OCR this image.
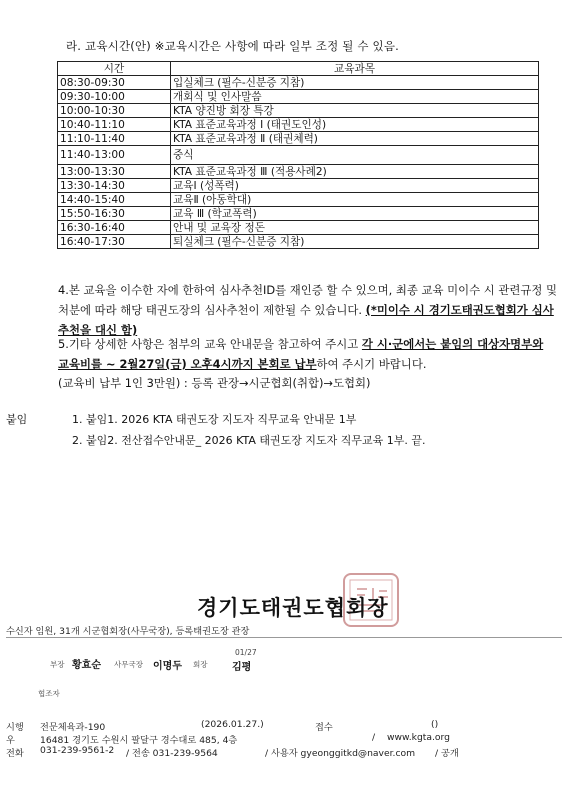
라. 교육시간(안) ※교육시간은 사항에 따라 일부 조정 될 수 있음.
시간	교육과목
08:30-09:30	입실체크 (필수-신분증 지참)
09:30-10:00	개회식 및 인사말씀
10:00-10:30	KTA 양진방 회장 특강
10:40-11:10	KTA 표준교육과정 Ⅰ (태권도인성)
11:10-11:40	KTA 표준교육과정 Ⅱ (태권체력)
11:40-13:00	중식
13:00-13:30	KTA 표준교육과정 Ⅲ (적용사례2)
13:30-14:30	교육Ⅰ (성폭력)
14:40-15:40	교육Ⅱ (아동학대)
15:50-16:30	교육 Ⅲ (학교폭력)
16:30-16:40	안내 및 교육장 정돈
16:40-17:30	퇴실체크 (필수-신분증 지참)
4.본 교육을 이수한 자에 한하여 심사추천ID를 재인증 할 수 있으며, 최종 교육 미이수 시 관련규정 및 처분에 따라 해당 태권도장의 심사추천이 제한될 수 있습니다. (*미이수 시 경기도태권도협회가 심사추천을 대신 함)
5.기타 상세한 사항은 첨부의 교육 안내문을 참고하여 주시고 각 시·군에서는 붙임의 대상자명부와 교육비를 ~ 2월27일(금) 오후4시까지 본회로 납부하여 주시기 바랍니다.
(교육비 납부 1인 3만원) : 등록 관장→시군협회(취합)→도협회)
붙임	1. 붙임1. 2026 KTA 태권도장 지도자 직무교육 안내문 1부
2. 붙임2. 전산접수안내문_ 2026 KTA 태권도장 지도자 직무교육 1부. 끝.
경기도태권도협회장
수신자 임원, 31개 시군협회장(사무국장), 등록태권도장 관장
부장 황효순 사무국장 이명두 회장
01/27
김평
협조자
시행 전문체육과-190	(2026.01.27.)	접수	()
우	16481 경기도 수원시 팔달구 경수대로 485, 4층	/ www.kgta.org
전화 031-239-9561-2 / 전송 031-239-9564	/ 사용자 gyeonggitkd@naver.com / 공개
